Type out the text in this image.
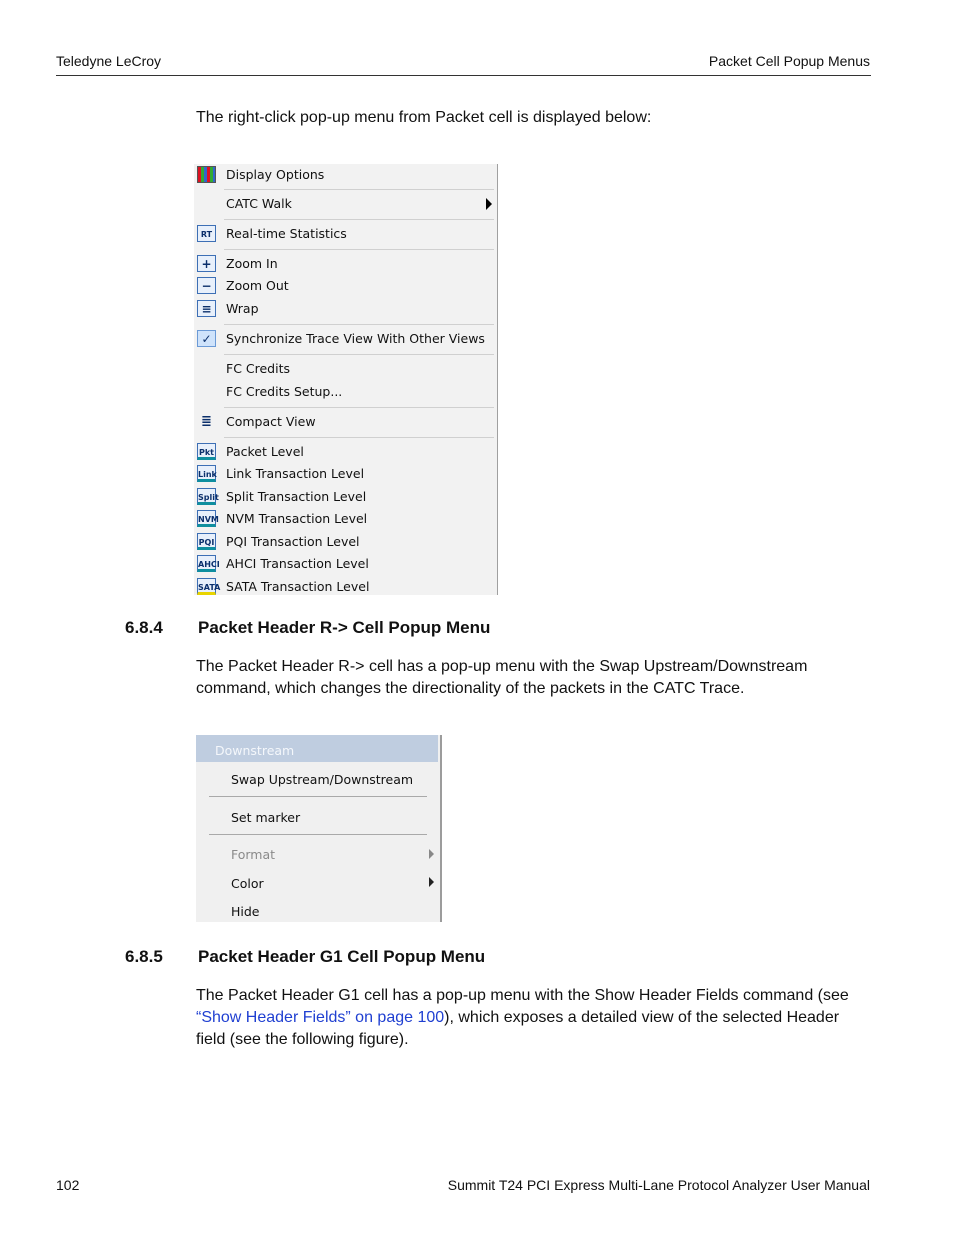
Teledyne LeCroy	Packet Cell Popup Menus
The right-click pop-up menu from Packet cell is displayed below:
Display Options
CATC Walk
RT	Real-time Statistics
+	Zoom In
−	Zoom Out
≡	Wrap
✓	Synchronize Trace View With Other Views
FC Credits
FC Credits Setup...
≣	Compact View
Pkt Packet Level
Link Link Transaction Level
Split Split Transaction Level
NVM NVM Transaction Level
PQI PQI Transaction Level
AHCI AHCI Transaction Level
SATA SATA Transaction Level
6.8.4 Packet Header R-> Cell Popup Menu
The Packet Header R-> cell has a pop-up menu with the Swap Upstream/Downstream command, which changes the directionality of the packets in the CATC Trace.
Downstream
Swap Upstream/Downstream
Set marker
Format
Color
Hide
6.8.5 Packet Header G1 Cell Popup Menu
The Packet Header G1 cell has a pop-up menu with the Show Header Fields command (see “Show Header Fields” on page 100), which exposes a detailed view of the selected Header field (see the following figure).
102	Summit T24 PCI Express Multi-Lane Protocol Analyzer User Manual
